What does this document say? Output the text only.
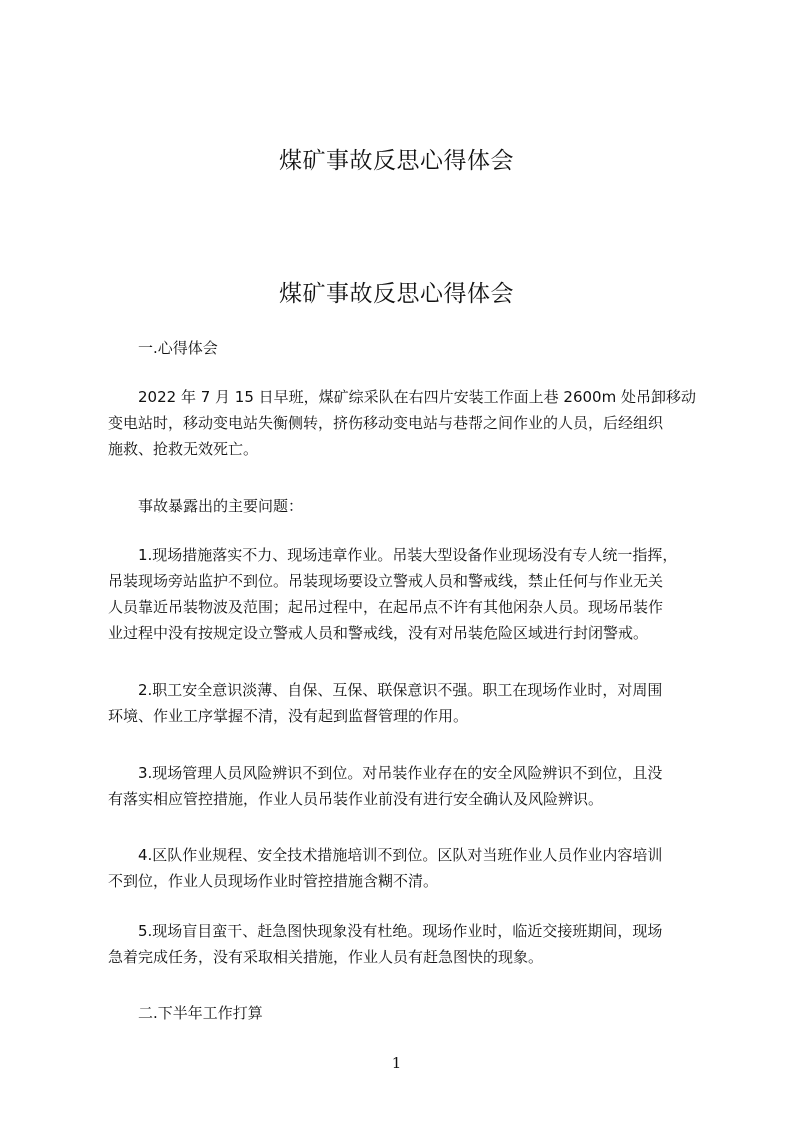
煤矿事故反思心得体会
煤矿事故反思心得体会
一.心得体会
2022 年 7 月 15 日早班，煤矿综采队在右四片安装工作面上巷 2600m 处吊卸移动
变电站时，移动变电站失衡侧转，挤伤移动变电站与巷帮之间作业的人员，后经组织
施救、抢救无效死亡。
事故暴露出的主要问题：
1.现场措施落实不力、现场违章作业。吊装大型设备作业现场没有专人统一指挥，
吊装现场旁站监护不到位。吊装现场要设立警戒人员和警戒线，禁止任何与作业无关
人员靠近吊装物波及范围；起吊过程中，在起吊点不许有其他闲杂人员。现场吊装作
业过程中没有按规定设立警戒人员和警戒线，没有对吊装危险区域进行封闭警戒。
2.职工安全意识淡薄、自保、互保、联保意识不强。职工在现场作业时，对周围
环境、作业工序掌握不清，没有起到监督管理的作用。
3.现场管理人员风险辨识不到位。对吊装作业存在的安全风险辨识不到位，且没
有落实相应管控措施，作业人员吊装作业前没有进行安全确认及风险辨识。
4.区队作业规程、安全技术措施培训不到位。区队对当班作业人员作业内容培训
不到位，作业人员现场作业时管控措施含糊不清。
5.现场盲目蛮干、赶急图快现象没有杜绝。现场作业时，临近交接班期间，现场
急着完成任务，没有采取相关措施，作业人员有赶急图快的现象。
二.下半年工作打算
1
